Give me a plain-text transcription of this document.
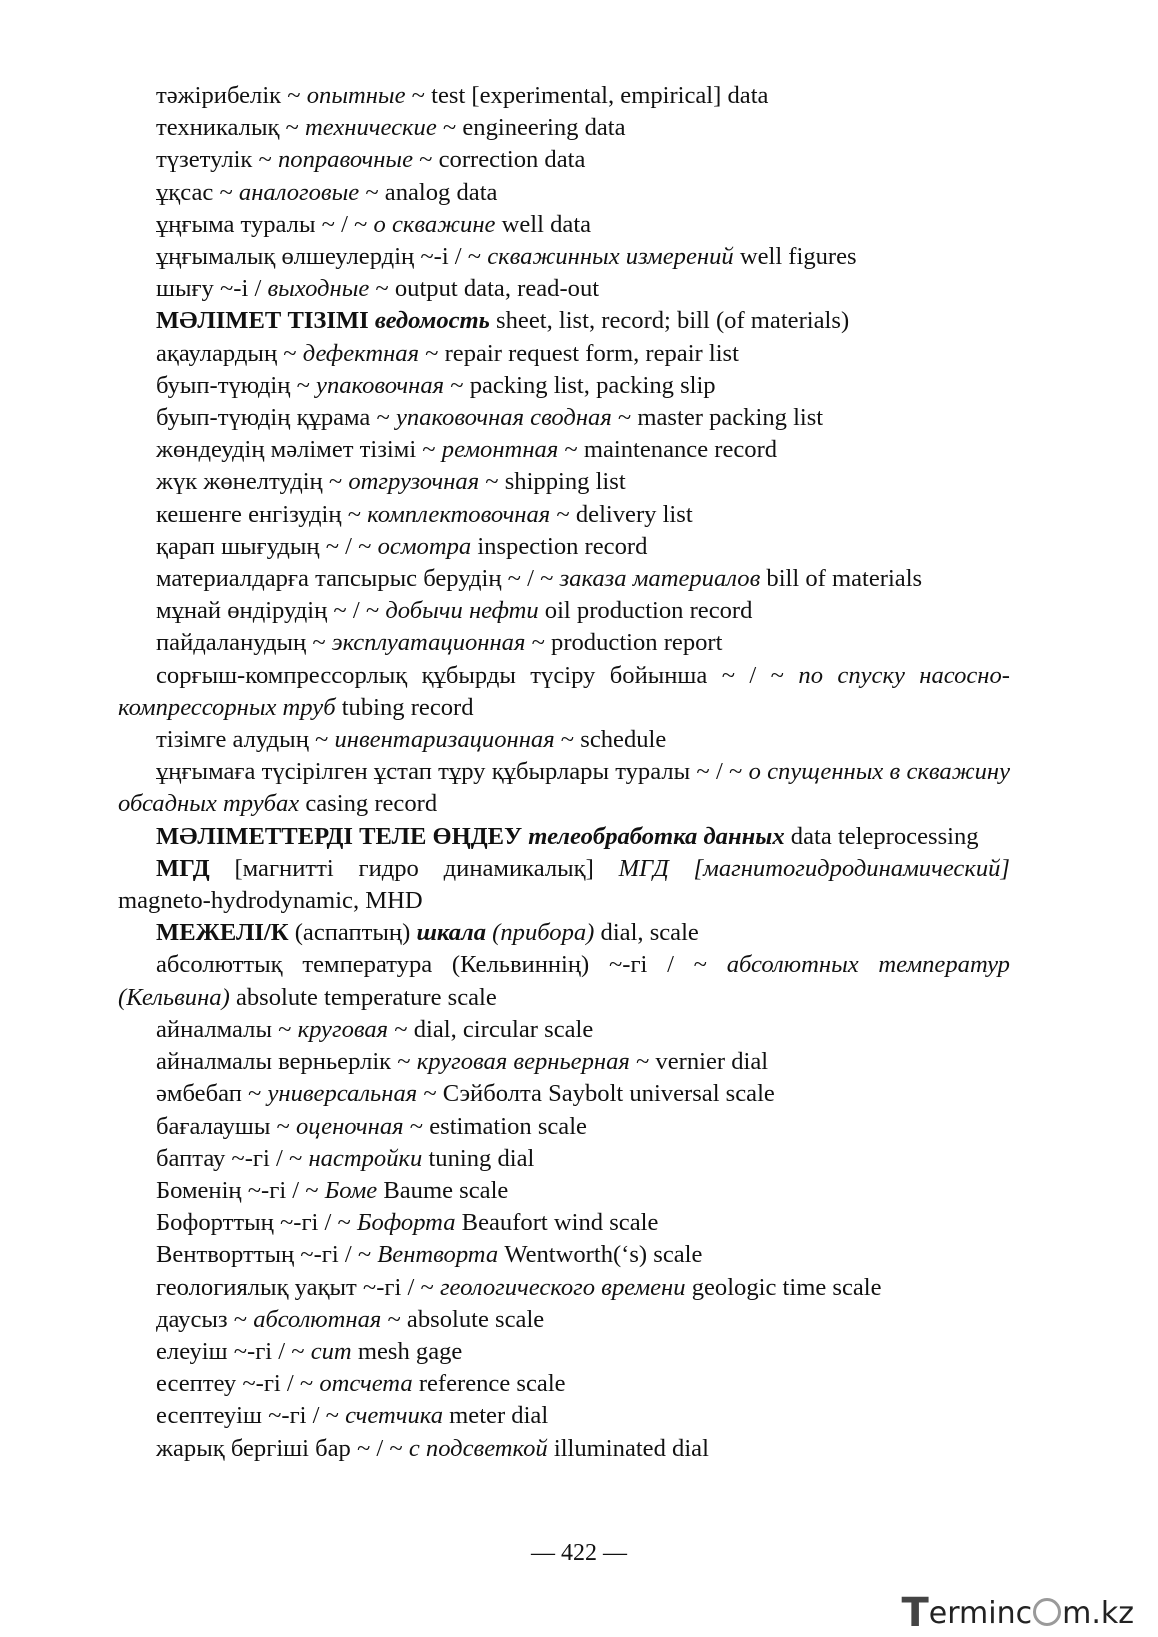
тәжірибелік ~ опытные ~ test [experimental, empirical] data

техникалық ~ технические ~ engineering data

түзетулік ~ поправочные ~ correction data

ұқсас ~ аналоговые ~ analog data

ұңғыма туралы ~ / ~ о скважине well data

ұңғымалық өлшеулердің ~-і / ~ скважинных измерений well figures

шығу ~-і / выходные ~ output data, read-out

МӘЛІМЕТ ТІЗІМІ ведомость sheet, list, record; bill (of materials)

ақаулардың ~ дефектная ~ repair request form, repair list

буып-түюдің ~ упаковочная ~ packing list, packing slip

буып-түюдің құрама ~ упаковочная сводная ~ master packing list

жөндеудің мәлімет тізімі ~ ремонтная ~ maintenance record

жүк жөнелтудің ~ отгрузочная ~ shipping list

кешенге енгізудің ~ комплектовочная ~ delivery list

қарап шығудың ~ / ~ осмотра inspection record

материалдарға тапсырыс берудің ~ / ~ заказа материалов bill of materials

мұнай өндірудің ~ / ~ добычи нефти oil production record

пайдаланудың ~ эксплуатационная ~ production report

сорғыш-компрессорлық құбырды түсіру бойынша ~ / ~ по спуску насосно-компрессорных труб tubing record

тізімге алудың ~ инвентаризационная ~ schedule

ұңғымаға түсірілген ұстап тұру құбырлары туралы ~ / ~ о спущенных в скважину обсадных трубах casing record

МӘЛІМЕТТЕРДІ ТЕЛЕ ӨҢДЕУ телеобработка данных data teleprocessing

МГД [магнитті гидро динамикалық] МГД [магнитогидродинамический] magneto-hydrodynamic, MHD

МЕЖЕЛІ/К (аспаптың) шкала (прибора) dial, scale

абсолюттық температура (Кельвиннің) ~-гі / ~ абсолютных температур (Кельвина) absolute temperature scale

айналмалы ~ круговая ~ dial, circular scale

айналмалы верньерлік ~ круговая верньерная ~ vernier dial

әмбебап ~ универсальная ~ Сэйболта Saybolt universal scale

бағалаушы ~ оценочная ~ estimation scale

баптау ~-гі / ~ настройки tuning dial

Боменің ~-гі / ~ Боме Baume scale

Бофорттың ~-гі / ~ Бофорта Beaufort wind scale

Вентворттың ~-гі / ~ Вентворта Wentworth(‘s) scale

геологиялық уақыт ~-гі / ~ геологического времени geologic time scale

даусыз ~ абсолютная ~ absolute scale

елеуіш ~-гі / ~ сит mesh gage

есептеу ~-гі / ~ отсчета reference scale

есептеуіш ~-гі / ~ счетчика meter dial

жарық бергіші бар ~ / ~ с подсветкой illuminated dial

— 422 —
Terminc m.kz
